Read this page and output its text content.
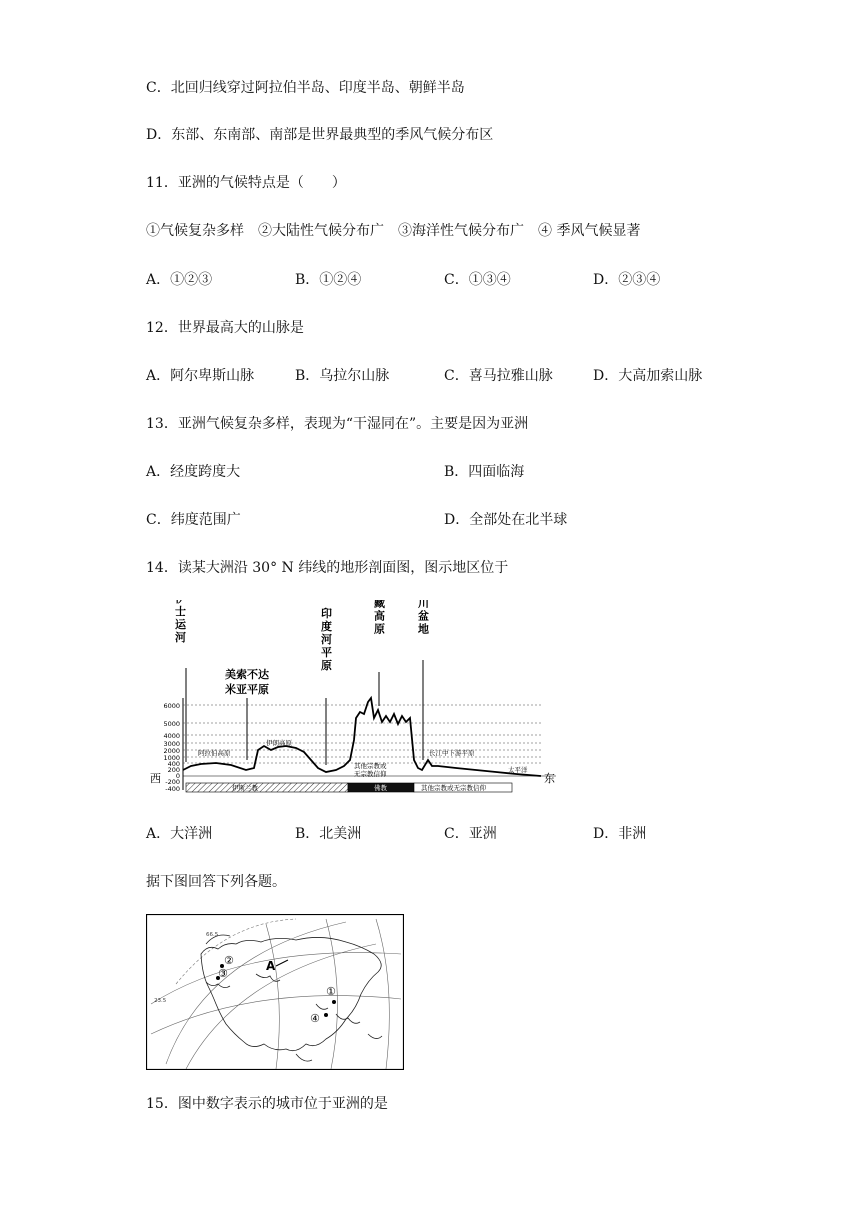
C．北回归线穿过阿拉伯半岛、印度半岛、朝鲜半岛
D．东部、东南部、南部是世界最典型的季风气候分布区
11．亚洲的气候特点是（　　）
①气候复杂多样　②大陆性气候分布广　③海洋性气候分布广　④ 季风气候显著
A．①②③	B．①②④	C．①③④	D．②③④
12．世界最高大的山脉是
A．阿尔卑斯山脉	B．乌拉尔山脉	C．喜马拉雅山脉	D．大高加索山脉
13．亚洲气候复杂多样，表现为“干湿同在”。主要是因为亚洲
A．经度跨度大	B．四面临海
C．纬度范围广	D．全部处在北半球
14．读某大洲沿 30° N 纬线的地形剖面图，图示地区位于
苏伊士运河	印度河平原	青藏高原	四川盆地
美索不达
米亚平原
6000
5000
4000
3000
2000
1000
400
200
0
-200
-400
阿拉伯高原
伊朗高原
长江中下游平原
太平洋
其他宗教或
无宗教信仰
西	东
伊斯兰教	佛教	其他宗教或无宗教信仰
A．大洋洲	B．北美洲	C．亚洲	D．非洲
据下图回答下列各题。
66.5
23.5
A
①
②
③
④
15．图中数字表示的城市位于亚洲的是
